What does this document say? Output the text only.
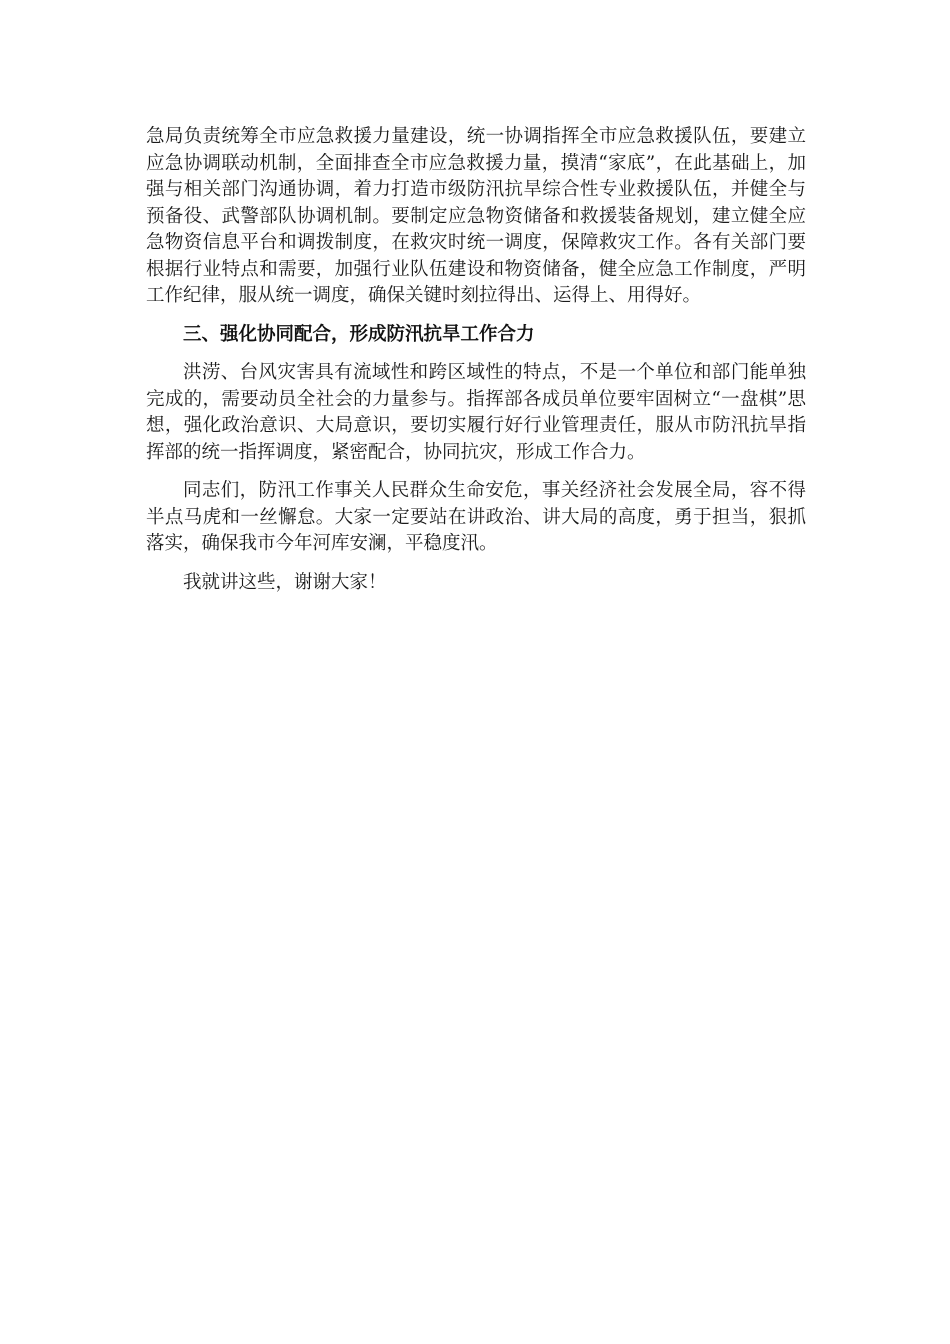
急局负责统筹全市应急救援力量建设，统一协调指挥全市应急救援队伍，要建立应急协调联动机制，全面排查全市应急救援力量，摸清“家底”，在此基础上，加强与相关部门沟通协调，着力打造市级防汛抗旱综合性专业救援队伍，并健全与预备役、武警部队协调机制。要制定应急物资储备和救援装备规划，建立健全应急物资信息平台和调拨制度，在救灾时统一调度，保障救灾工作。各有关部门要根据行业特点和需要，加强行业队伍建设和物资储备，健全应急工作制度，严明工作纪律，服从统一调度，确保关键时刻拉得出、运得上、用得好。

三、强化协同配合，形成防汛抗旱工作合力

洪涝、台风灾害具有流域性和跨区域性的特点，不是一个单位和部门能单独完成的，需要动员全社会的力量参与。指挥部各成员单位要牢固树立“一盘棋”思想，强化政治意识、大局意识，要切实履行好行业管理责任，服从市防汛抗旱指挥部的统一指挥调度，紧密配合，协同抗灾，形成工作合力。

同志们，防汛工作事关人民群众生命安危，事关经济社会发展全局，容不得半点马虎和一丝懈怠。大家一定要站在讲政治、讲大局的高度，勇于担当，狠抓落实，确保我市今年河库安澜，平稳度汛。

我就讲这些，谢谢大家！
